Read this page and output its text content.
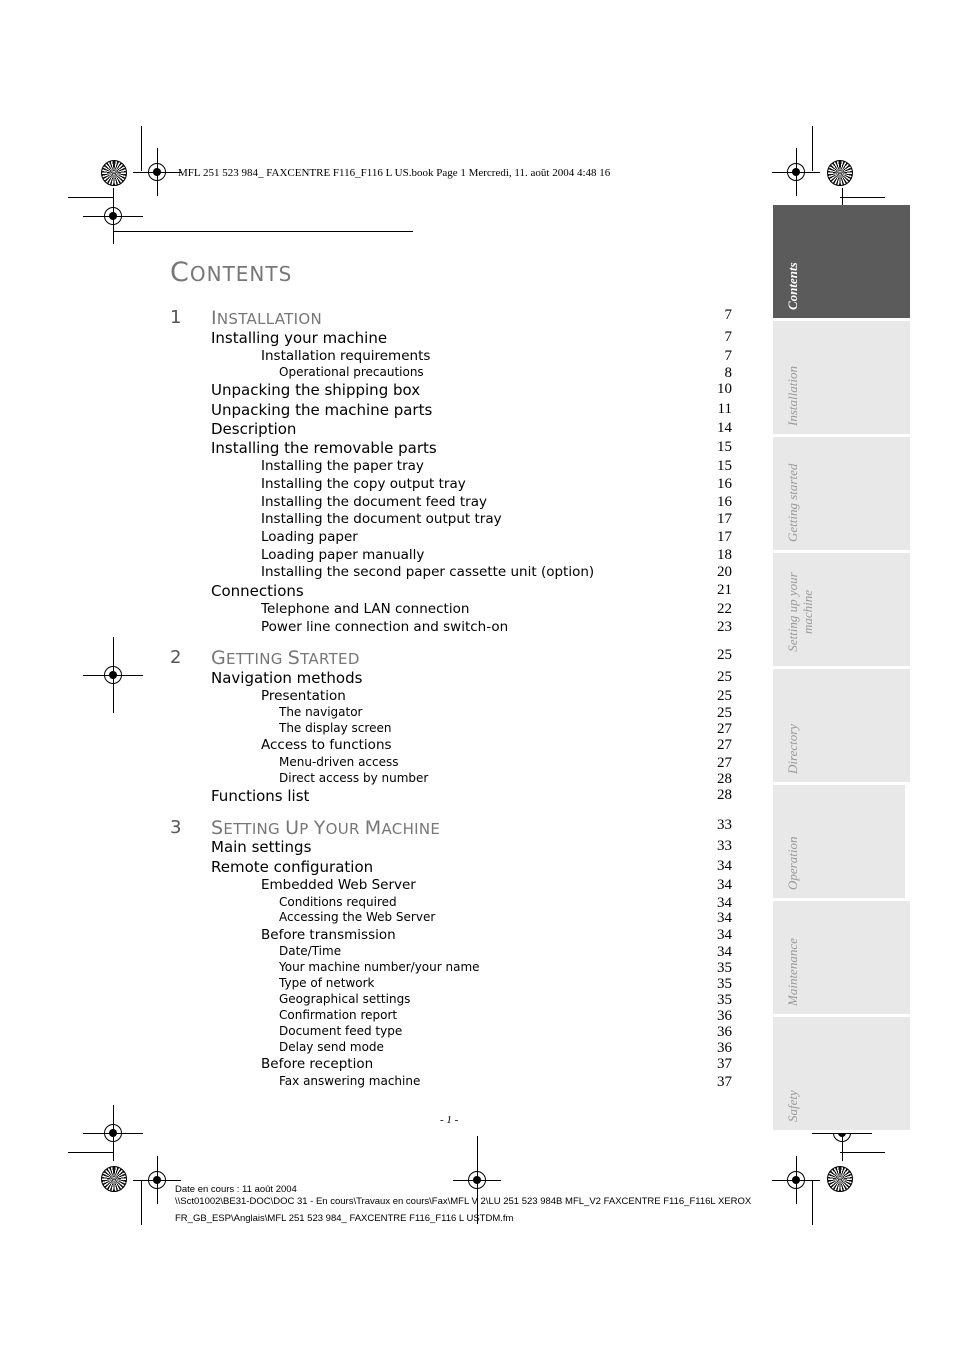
MFL 251 523 984_ FAXCENTRE F116_F116 L US.book Page 1 Mercredi, 11. août 2004 4:48 16
CONTENTS
1 INSTALLATION	7
Installing your machine	7
Installation requirements	7
Operational precautions	8
Unpacking the shipping box	10
Unpacking the machine parts	11
Description	14
Installing the removable parts	15
Installing the paper tray	15
Installing the copy output tray	16
Installing the document feed tray	16
Installing the document output tray	17
Loading paper	17
Loading paper manually	18
Installing the second paper cassette unit (option)	20
Connections	21
Telephone and LAN connection	22
Power line connection and switch-on	23
2 GETTING STARTED	25
Navigation methods	25
Presentation	25
The navigator	25
The display screen	27
Access to functions	27
Menu-driven access	27
Direct access by number	28
Functions list	28
3 SETTING UP YOUR MACHINE	33
Main settings	33
Remote configuration	34
Embedded Web Server	34
Conditions required	34
Accessing the Web Server	34
Before transmission	34
Date/Time	34
Your machine number/your name	35
Type of network	35
Geographical settings	35
Confirmation report	36
Document feed type	36
Delay send mode	36
Before reception	37
Fax answering machine	37
Contents
Installation
Getting started
Setting up your machine
Directory
Operation
Maintenance
Safety
- 1 -
Date en cours : 11 août 2004
\\Sct01002\BE31-DOC\DOC 31 - En cours\Travaux en cours\Fax\MFL V 2\LU 251 523 984B MFL_V2 FAXCENTRE F116_F116L XEROX
FR_GB_ESP\Anglais\MFL 251 523 984_ FAXCENTRE F116_F116 L USTDM.fm
